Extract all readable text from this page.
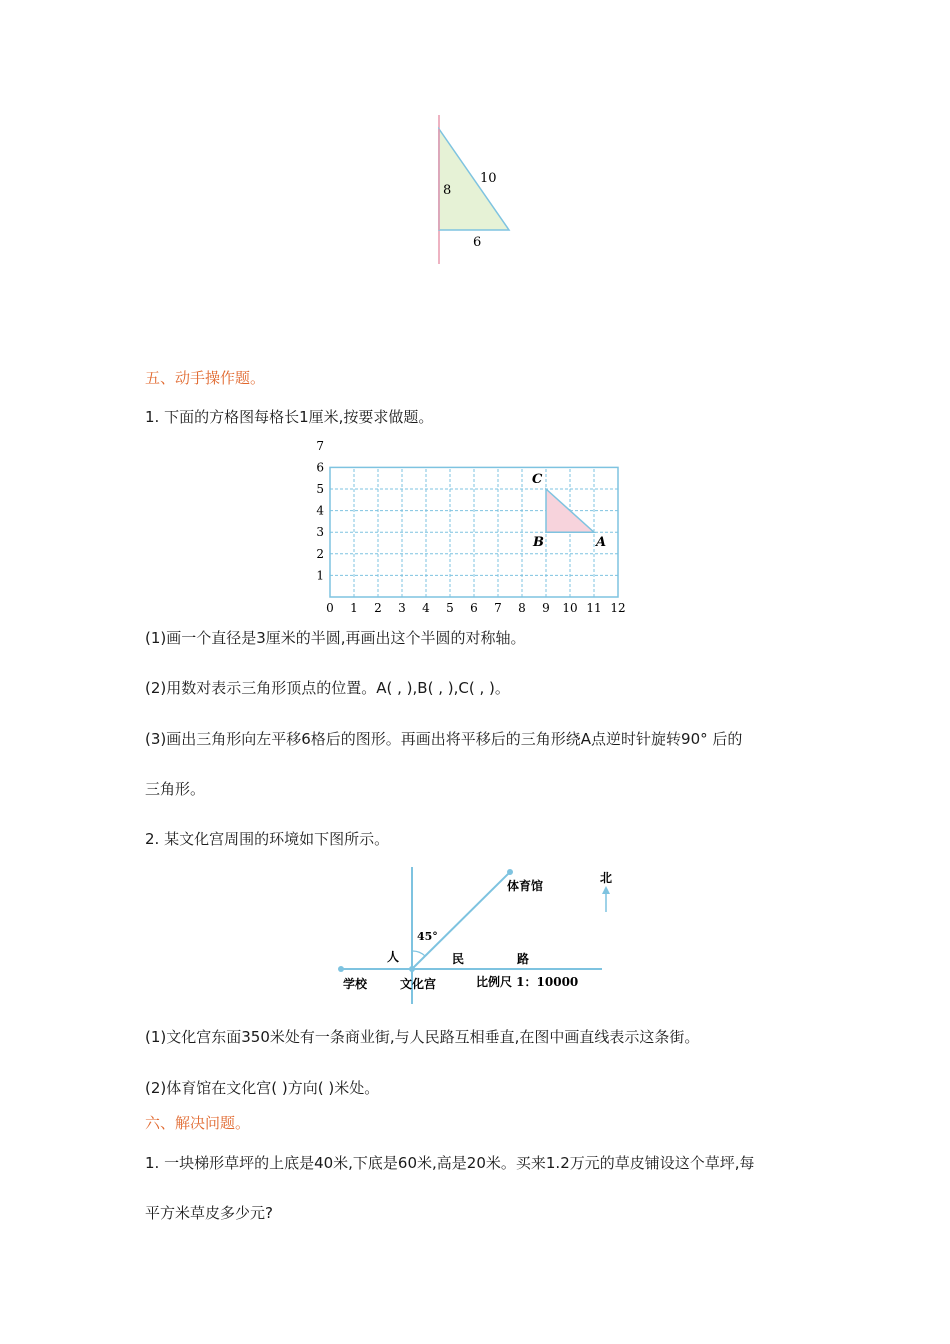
8
10
6
五、动手操作题。
1. 下面的方格图每格长1厘米,按要求做题。
0 1 2 3 4 5 6 7 8 9 10 11 12
7
6
5
4
3
2
1
A
B
C
(1)画一个直径是3厘米的半圆,再画出这个半圆的对称轴。
(2)用数对表示三角形顶点的位置。A( , ),B( , ),C( , )。
(3)画出三角形向左平移6格后的图形。再画出将平移后的三角形绕A点逆时针旋转90° 后的
三角形。
2. 某文化宫周围的环境如下图所示。
北
体育馆
45°
人	民	路
学校	文化宫	比例尺 1：10000
(1)文化宫东面350米处有一条商业街,与人民路互相垂直,在图中画直线表示这条街。
(2)体育馆在文化宫( )方向( )米处。
六、解决问题。
1. 一块梯形草坪的上底是40米,下底是60米,高是20米。买来1.2万元的草皮铺设这个草坪,每
平方米草皮多少元?
